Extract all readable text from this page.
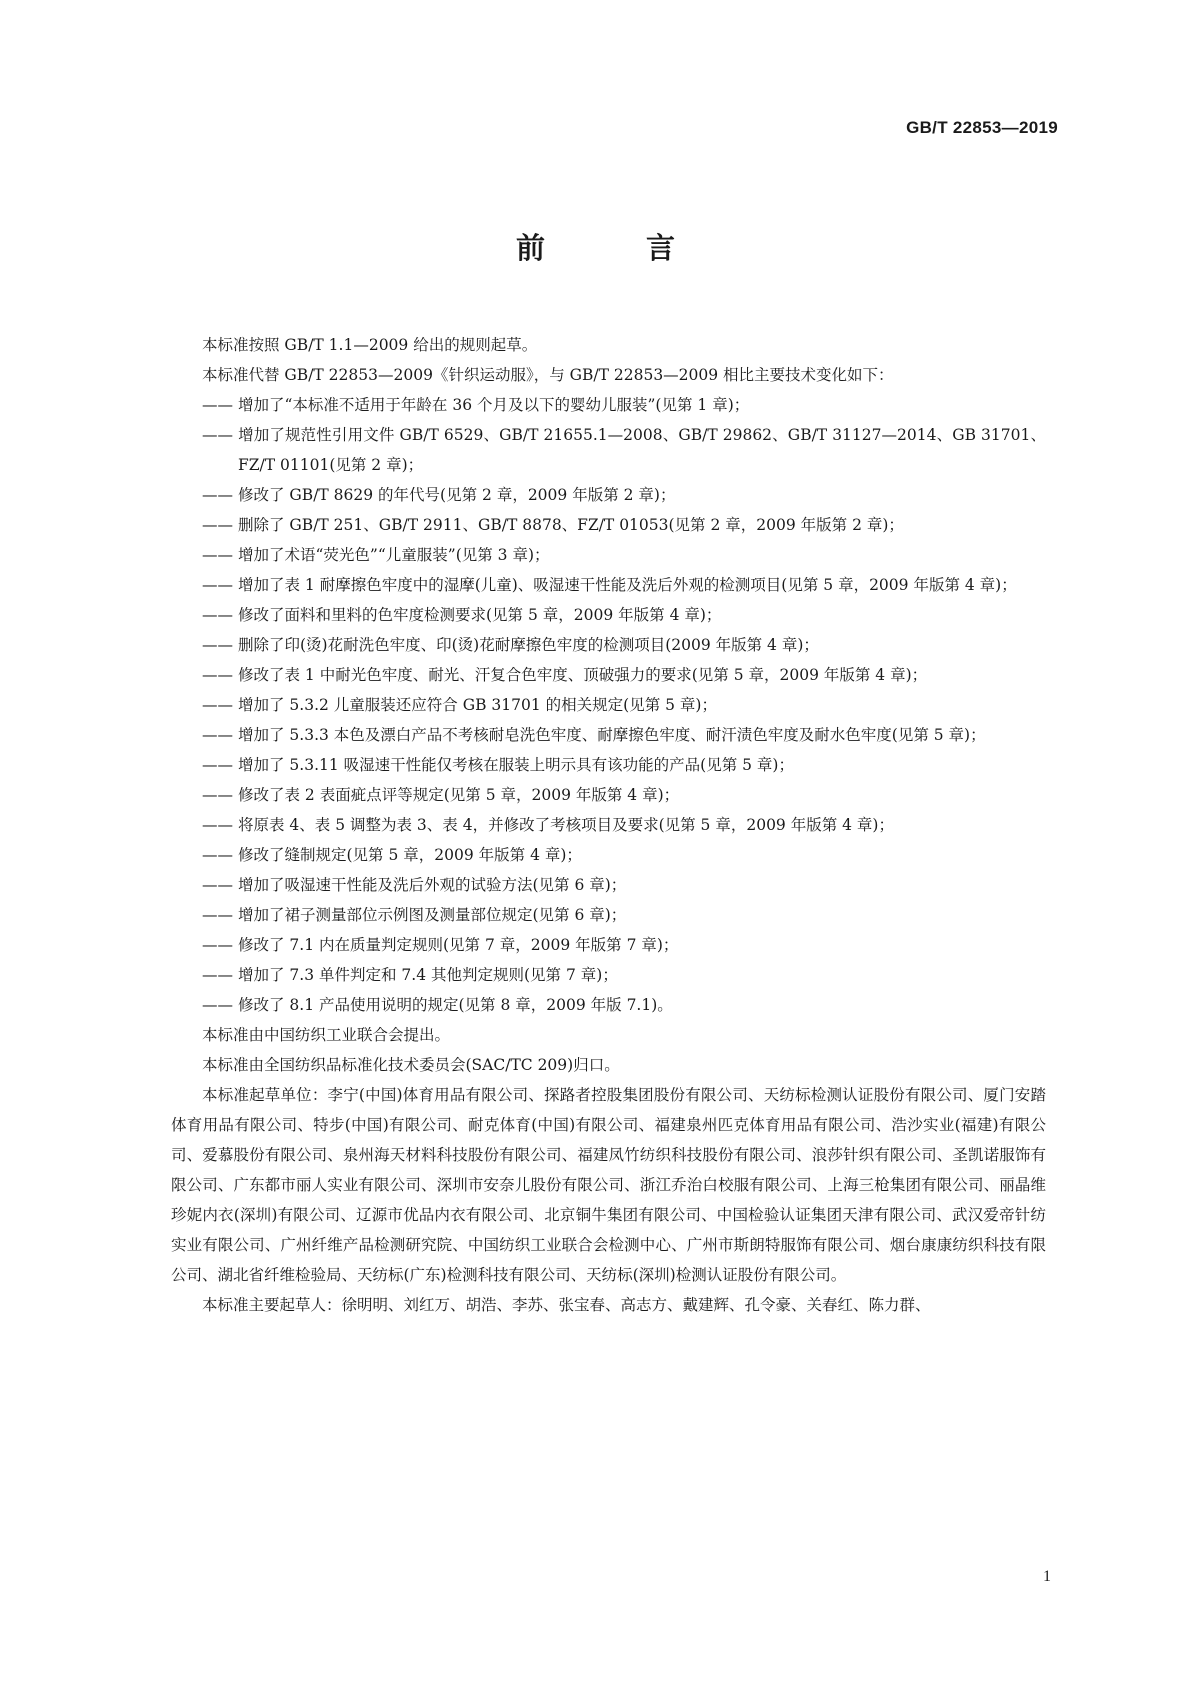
GB/T 22853—2019
前　言

本标准按照 GB/T 1.1—2009 给出的规则起草。

本标准代替 GB/T 22853—2009《针织运动服》，与 GB/T 22853—2009 相比主要技术变化如下：

—— 增加了“本标准不适用于年龄在 36 个月及以下的婴幼儿服装”(见第 1 章)；

—— 增加了规范性引用文件 GB/T 6529、GB/T 21655.1—2008、GB/T 29862、GB/T 31127—2014、GB 31701、FZ/T 01101(见第 2 章)；

—— 修改了 GB/T 8629 的年代号(见第 2 章，2009 年版第 2 章)；

—— 删除了 GB/T 251、GB/T 2911、GB/T 8878、FZ/T 01053(见第 2 章，2009 年版第 2 章)；

—— 增加了术语“荧光色”“儿童服装”(见第 3 章)；

—— 增加了表 1 耐摩擦色牢度中的湿摩(儿童)、吸湿速干性能及洗后外观的检测项目(见第 5 章，2009 年版第 4 章)；

—— 修改了面料和里料的色牢度检测要求(见第 5 章，2009 年版第 4 章)；

—— 删除了印(烫)花耐洗色牢度、印(烫)花耐摩擦色牢度的检测项目(2009 年版第 4 章)；

—— 修改了表 1 中耐光色牢度、耐光、汗复合色牢度、顶破强力的要求(见第 5 章，2009 年版第 4 章)；

—— 增加了 5.3.2 儿童服装还应符合 GB 31701 的相关规定(见第 5 章)；

—— 增加了 5.3.3 本色及漂白产品不考核耐皂洗色牢度、耐摩擦色牢度、耐汗渍色牢度及耐水色牢度(见第 5 章)；

—— 增加了 5.3.11 吸湿速干性能仅考核在服装上明示具有该功能的产品(见第 5 章)；

—— 修改了表 2 表面疵点评等规定(见第 5 章，2009 年版第 4 章)；

—— 将原表 4、表 5 调整为表 3、表 4，并修改了考核项目及要求(见第 5 章，2009 年版第 4 章)；

—— 修改了缝制规定(见第 5 章，2009 年版第 4 章)；

—— 增加了吸湿速干性能及洗后外观的试验方法(见第 6 章)；

—— 增加了裙子测量部位示例图及测量部位规定(见第 6 章)；

—— 修改了 7.1 内在质量判定规则(见第 7 章，2009 年版第 7 章)；

—— 增加了 7.3 单件判定和 7.4 其他判定规则(见第 7 章)；

—— 修改了 8.1 产品使用说明的规定(见第 8 章，2009 年版 7.1)。

本标准由中国纺织工业联合会提出。

本标准由全国纺织品标准化技术委员会(SAC/TC 209)归口。

本标准起草单位：李宁(中国)体育用品有限公司、探路者控股集团股份有限公司、天纺标检测认证股份有限公司、厦门安踏体育用品有限公司、特步(中国)有限公司、耐克体育(中国)有限公司、福建泉州匹克体育用品有限公司、浩沙实业(福建)有限公司、爱慕股份有限公司、泉州海天材料科技股份有限公司、福建凤竹纺织科技股份有限公司、浪莎针织有限公司、圣凯诺服饰有限公司、广东都市丽人实业有限公司、深圳市安奈儿股份有限公司、浙江乔治白校服有限公司、上海三枪集团有限公司、丽晶维珍妮内衣(深圳)有限公司、辽源市优品内衣有限公司、北京铜牛集团有限公司、中国检验认证集团天津有限公司、武汉爱帝针纺实业有限公司、广州纤维产品检测研究院、中国纺织工业联合会检测中心、广州市斯朗特服饰有限公司、烟台康康纺织科技有限公司、湖北省纤维检验局、天纺标(广东)检测科技有限公司、天纺标(深圳)检测认证股份有限公司。

本标准主要起草人：徐明明、刘红万、胡浩、李苏、张宝春、高志方、戴建辉、孔令豪、关春红、陈力群、

1
